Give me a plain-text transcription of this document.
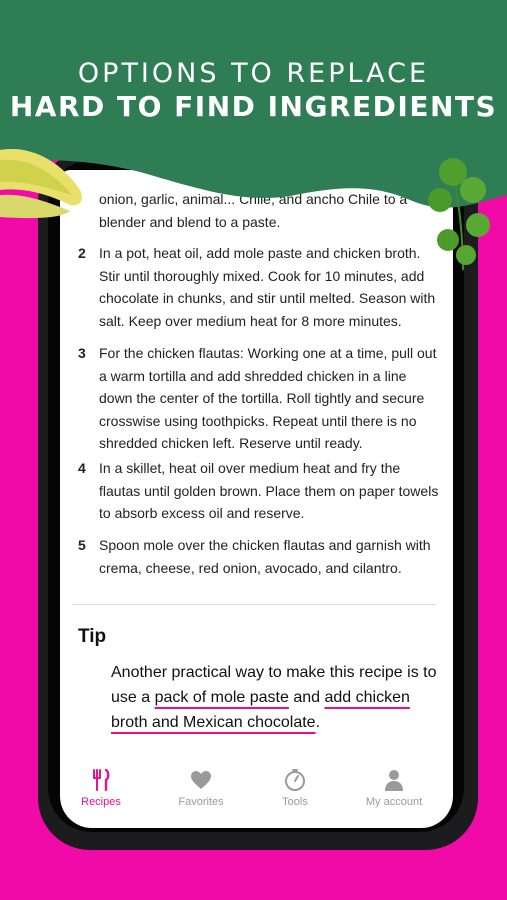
OPTIONS TO REPLACE
HARD TO FIND INGREDIENTS
onion, garlic, animal... Chile, and ancho Chile to a blender and blend to a paste.
2 In a pot, heat oil, add mole paste and chicken broth. Stir until thoroughly mixed. Cook for 10 minutes, add chocolate in chunks, and stir until melted. Season with salt. Keep over medium heat for 8 more minutes.
3 For the chicken flautas: Working one at a time, pull out a warm tortilla and add shredded chicken in a line down the center of the tortilla. Roll tightly and secure crosswise using toothpicks. Repeat until there is no shredded chicken left. Reserve until ready.
4 In a skillet, heat oil over medium heat and fry the flautas until golden brown. Place them on paper towels to absorb excess oil and reserve.
5 Spoon mole over the chicken flautas and garnish with crema, cheese, red onion, avocado, and cilantro.
Tip
Another practical way to make this recipe is to use a pack of mole paste and add chicken broth and Mexican chocolate.
Recipes	Favorites	Tools	My account
